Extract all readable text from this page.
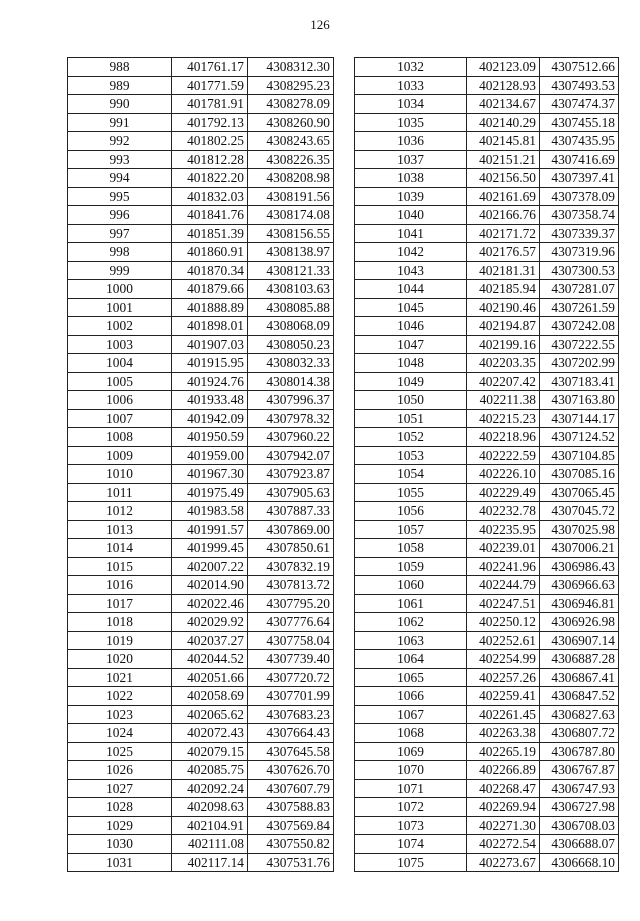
126
988	401761.17	4308312.30
989	401771.59	4308295.23
990	401781.91	4308278.09
991	401792.13	4308260.90
992	401802.25	4308243.65
993	401812.28	4308226.35
994	401822.20	4308208.98
995	401832.03	4308191.56
996	401841.76	4308174.08
997	401851.39	4308156.55
998	401860.91	4308138.97
999	401870.34	4308121.33
1000	401879.66	4308103.63
1001	401888.89	4308085.88
1002	401898.01	4308068.09
1003	401907.03	4308050.23
1004	401915.95	4308032.33
1005	401924.76	4308014.38
1006	401933.48	4307996.37
1007	401942.09	4307978.32
1008	401950.59	4307960.22
1009	401959.00	4307942.07
1010	401967.30	4307923.87
1011	401975.49	4307905.63
1012	401983.58	4307887.33
1013	401991.57	4307869.00
1014	401999.45	4307850.61
1015	402007.22	4307832.19
1016	402014.90	4307813.72
1017	402022.46	4307795.20
1018	402029.92	4307776.64
1019	402037.27	4307758.04
1020	402044.52	4307739.40
1021	402051.66	4307720.72
1022	402058.69	4307701.99
1023	402065.62	4307683.23
1024	402072.43	4307664.43
1025	402079.15	4307645.58
1026	402085.75	4307626.70
1027	402092.24	4307607.79
1028	402098.63	4307588.83
1029	402104.91	4307569.84
1030	402111.08	4307550.82
1031	402117.14	4307531.76
1032	402123.09	4307512.66
1033	402128.93	4307493.53
1034	402134.67	4307474.37
1035	402140.29	4307455.18
1036	402145.81	4307435.95
1037	402151.21	4307416.69
1038	402156.50	4307397.41
1039	402161.69	4307378.09
1040	402166.76	4307358.74
1041	402171.72	4307339.37
1042	402176.57	4307319.96
1043	402181.31	4307300.53
1044	402185.94	4307281.07
1045	402190.46	4307261.59
1046	402194.87	4307242.08
1047	402199.16	4307222.55
1048	402203.35	4307202.99
1049	402207.42	4307183.41
1050	402211.38	4307163.80
1051	402215.23	4307144.17
1052	402218.96	4307124.52
1053	402222.59	4307104.85
1054	402226.10	4307085.16
1055	402229.49	4307065.45
1056	402232.78	4307045.72
1057	402235.95	4307025.98
1058	402239.01	4307006.21
1059	402241.96	4306986.43
1060	402244.79	4306966.63
1061	402247.51	4306946.81
1062	402250.12	4306926.98
1063	402252.61	4306907.14
1064	402254.99	4306887.28
1065	402257.26	4306867.41
1066	402259.41	4306847.52
1067	402261.45	4306827.63
1068	402263.38	4306807.72
1069	402265.19	4306787.80
1070	402266.89	4306767.87
1071	402268.47	4306747.93
1072	402269.94	4306727.98
1073	402271.30	4306708.03
1074	402272.54	4306688.07
1075	402273.67	4306668.10
